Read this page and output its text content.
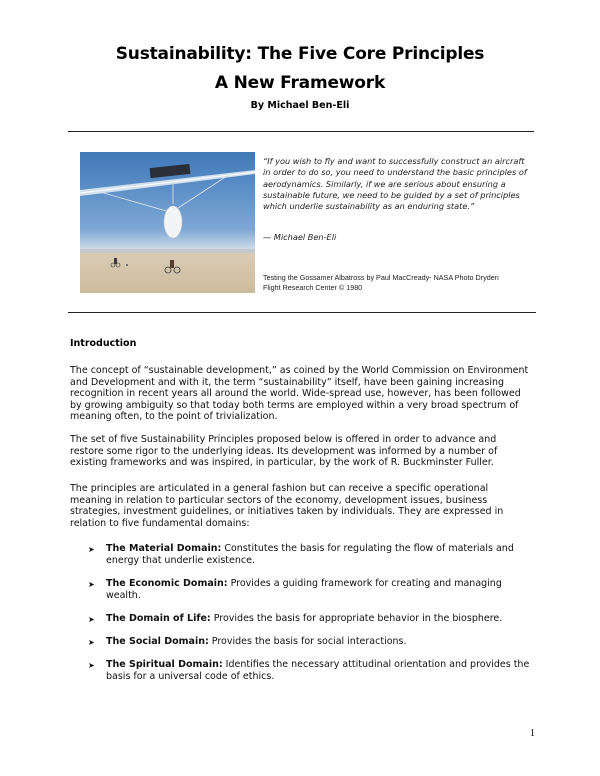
Sustainability: The Five Core Principles
A New Framework
By Michael Ben-Eli
“If you wish to fly and want to successfully construct an aircraft in order to do so, you need to understand the basic principles of aerodynamics. Similarly, if we are serious about ensuring a sustainable future, we need to be guided by a set of principles which underlie sustainability as an enduring state.”
— Michael Ben-Eli
Testing the Gossamer Albatross by Paul MacCready- NASA Photo Dryden
Flight Research Center © 1980
Introduction

The concept of “sustainable development,” as coined by the World Commission on Environment and Development and with it, the term “sustainability” itself, have been gaining increasing recognition in recent years all around the world. Wide-spread use, however, has been followed by growing ambiguity so that today both terms are employed within a very broad spectrum of meaning often, to the point of trivialization.

The set of five Sustainability Principles proposed below is offered in order to advance and restore some rigor to the underlying ideas. Its development was informed by a number of existing frameworks and was inspired, in particular, by the work of R. Buckminster Fuller.

The principles are articulated in a general fashion but can receive a specific operational meaning in relation to particular sectors of the economy, development issues, business strategies, investment guidelines, or initiatives taken by individuals. They are expressed in relation to five fundamental domains:

➤ The Material Domain: Constitutes the basis for regulating the flow of materials and energy that underlie existence.
➤ The Economic Domain: Provides a guiding framework for creating and managing wealth.
➤ The Domain of Life: Provides the basis for appropriate behavior in the biosphere.
➤ The Social Domain: Provides the basis for social interactions.
➤ The Spiritual Domain: Identifies the necessary attitudinal orientation and provides the basis for a universal code of ethics.
1
